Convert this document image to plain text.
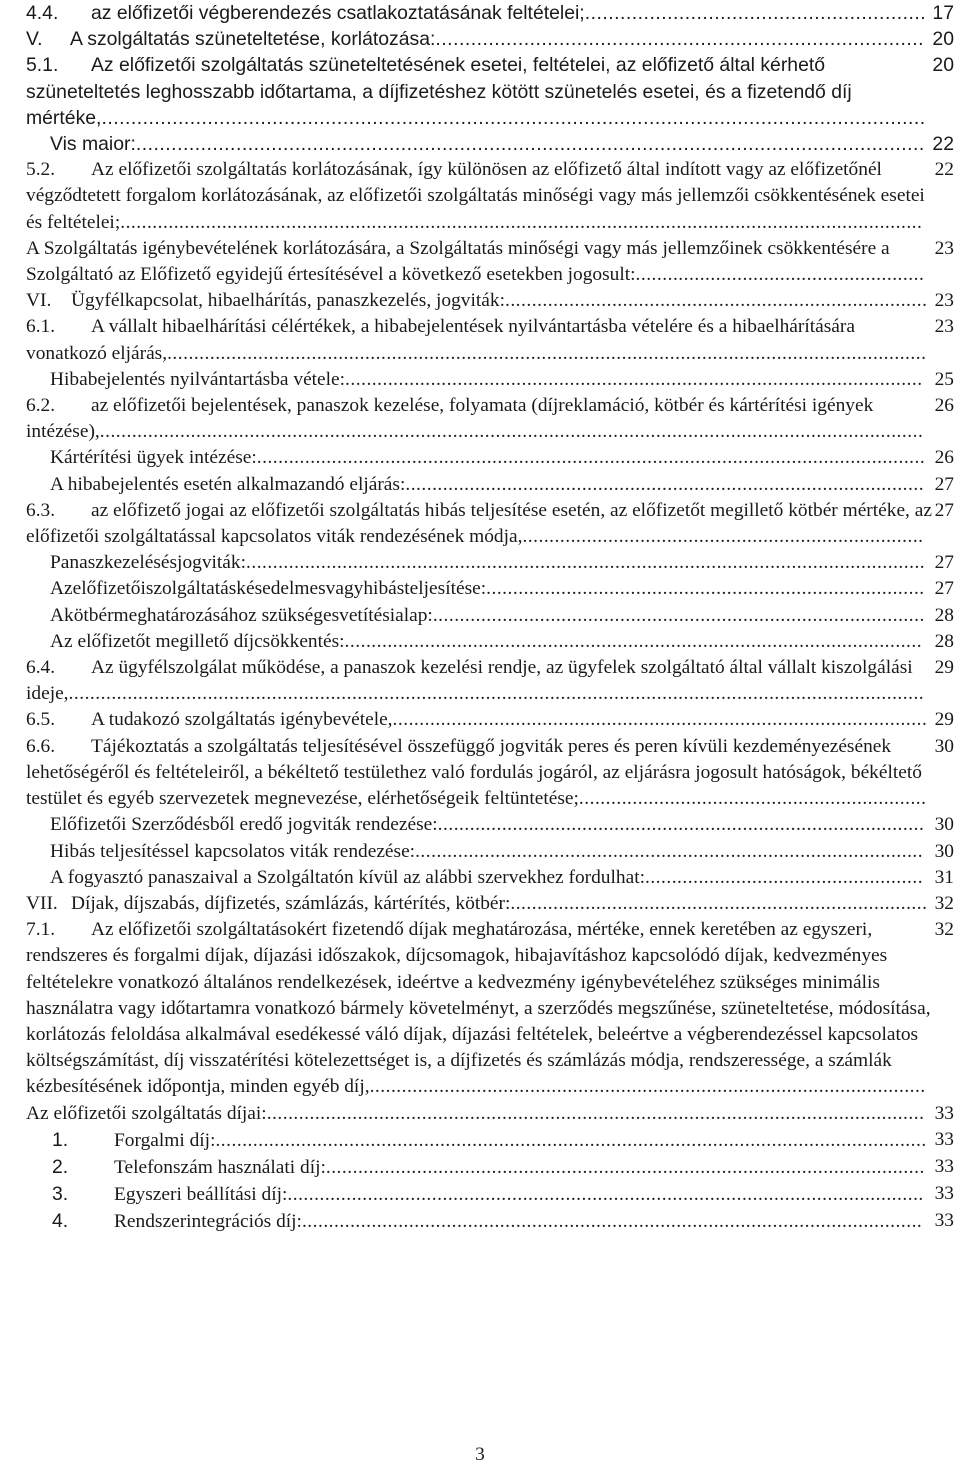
17
4.4. az előfizetői végberendezés csatlakoztatásának feltételei;..........................................................
20
V. A szolgáltatás szüneteltetése, korlátozása:...................................................................................
20
5.1. Az előfizetői szolgáltatás szüneteltetésének esetei, feltételei, az előfizető által kérhető szüneteltetés leghosszabb időtartama, a díjfizetéshez kötött szünetelés esetei, és a fizetendő díj mértéke,............................................................................................................................................
22
Vis maior:......................................................................................................................................
22
5.2. Az előfizetői szolgáltatás korlátozásának, így különösen az előfizető által indított vagy az előfizetőnél végződtetett forgalom korlátozásának, az előfizetői szolgáltatás minőségi vagy más jellemzői csökkentésének esetei és feltételei;......................................................................................................................................................
23
A Szolgáltatás igénybevételének korlátozására, a Szolgáltatás minőségi vagy más jellemzőinek csökkentésére a Szolgáltató az Előfizető egyidejű értesítésével a következő esetekben jogosult:......................................................
23
VI. Ügyfélkapcsolat, hibaelhárítás, panaszkezelés, jogviták:...............................................................................
23
6.1. A vállalt hibaelhárítási célértékek, a hibabejelentések nyilvántartásba vételére és a hibaelhárítására vonatkozó eljárás,..............................................................................................................................................
25
Hibabejelentés nyilvántartásba vétele:............................................................................................................
26
6.2. az előfizetői bejelentések, panaszok kezelése, folyamata (díjreklamáció, kötbér és kártérítési igények intézése),..........................................................................................................................................................
26
Kártérítési ügyek intézése:.............................................................................................................................
27
A hibabejelentés esetén alkalmazandó eljárás:.................................................................................................
27
6.3. az előfizető jogai az előfizetői szolgáltatás hibás teljesítése esetén, az előfizetőt megillető kötbér mértéke, az előfizetői szolgáltatással kapcsolatos viták rendezésének módja,...........................................................................
27
Panaszkezelésésjogviták:...............................................................................................................................
27
Azelőfizetőiszolgáltatáskésedelmesvagyhibásteljesítése:..................................................................................
28
Akötbérmeghatározásához szükségesvetítésialap:............................................................................................
28
Az előfizetőt megillető díjcsökkentés:............................................................................................................
29
6.4. Az ügyfélszolgálat működése, a panaszok kezelési rendje, az ügyfelek szolgáltató által vállalt kiszolgálási ideje,................................................................................................................................................................
29
6.5. A tudakozó szolgáltatás igénybevétele,....................................................................................................
30
6.6. Tájékoztatás a szolgáltatás teljesítésével összefüggő jogviták peres és peren kívüli kezdeményezésének lehetőségéről és feltételeiről, a békéltető testülethez való fordulás jogáról, az eljárásra jogosult hatóságok, békéltető testület és egyéb szervezetek megnevezése, elérhetőségeik feltüntetése;.................................................................
30
Előfizetői Szerződésből eredő jogviták rendezése:...........................................................................................
30
Hibás teljesítéssel kapcsolatos viták rendezése:...............................................................................................
31
A fogyasztó panaszaival a Szolgáltatón kívül az alábbi szervekhez fordulhat:....................................................
32
VII. Díjak, díjszabás, díjfizetés, számlázás, kártérítés, kötbér:..............................................................................
32
7.1. Az előfizetői szolgáltatásokért fizetendő díjak meghatározása, mértéke, ennek keretében az egyszeri, rendszeres és forgalmi díjak, díjazási időszakok, díjcsomagok, hibajavításhoz kapcsolódó díjak, kedvezményes feltételekre vonatkozó általános rendelkezések, ideértve a kedvezmény igénybevételéhez szükséges minimális használatra vagy időtartamra vonatkozó bármely követelményt, a szerződés megszűnése, szüneteltetése, módosítása, korlátozás feloldása alkalmával esedékessé váló díjak, díjazási feltételek, beleértve a végberendezéssel kapcsolatos költségszámítást, díj visszatérítési kötelezettséget is, a díjfizetés és számlázás módja, rendszeressége, a számlák kézbesítésének időpontja, minden egyéb díj,........................................................................................................
33
Az előfizetői szolgáltatás díjai:...........................................................................................................................
33
1. Forgalmi díj:.....................................................................................................................................
33
2. Telefonszám használati díj:................................................................................................................
33
3. Egyszeri beállítási díj:.......................................................................................................................
33
4. Rendszerintegrációs díj:....................................................................................................................
3
